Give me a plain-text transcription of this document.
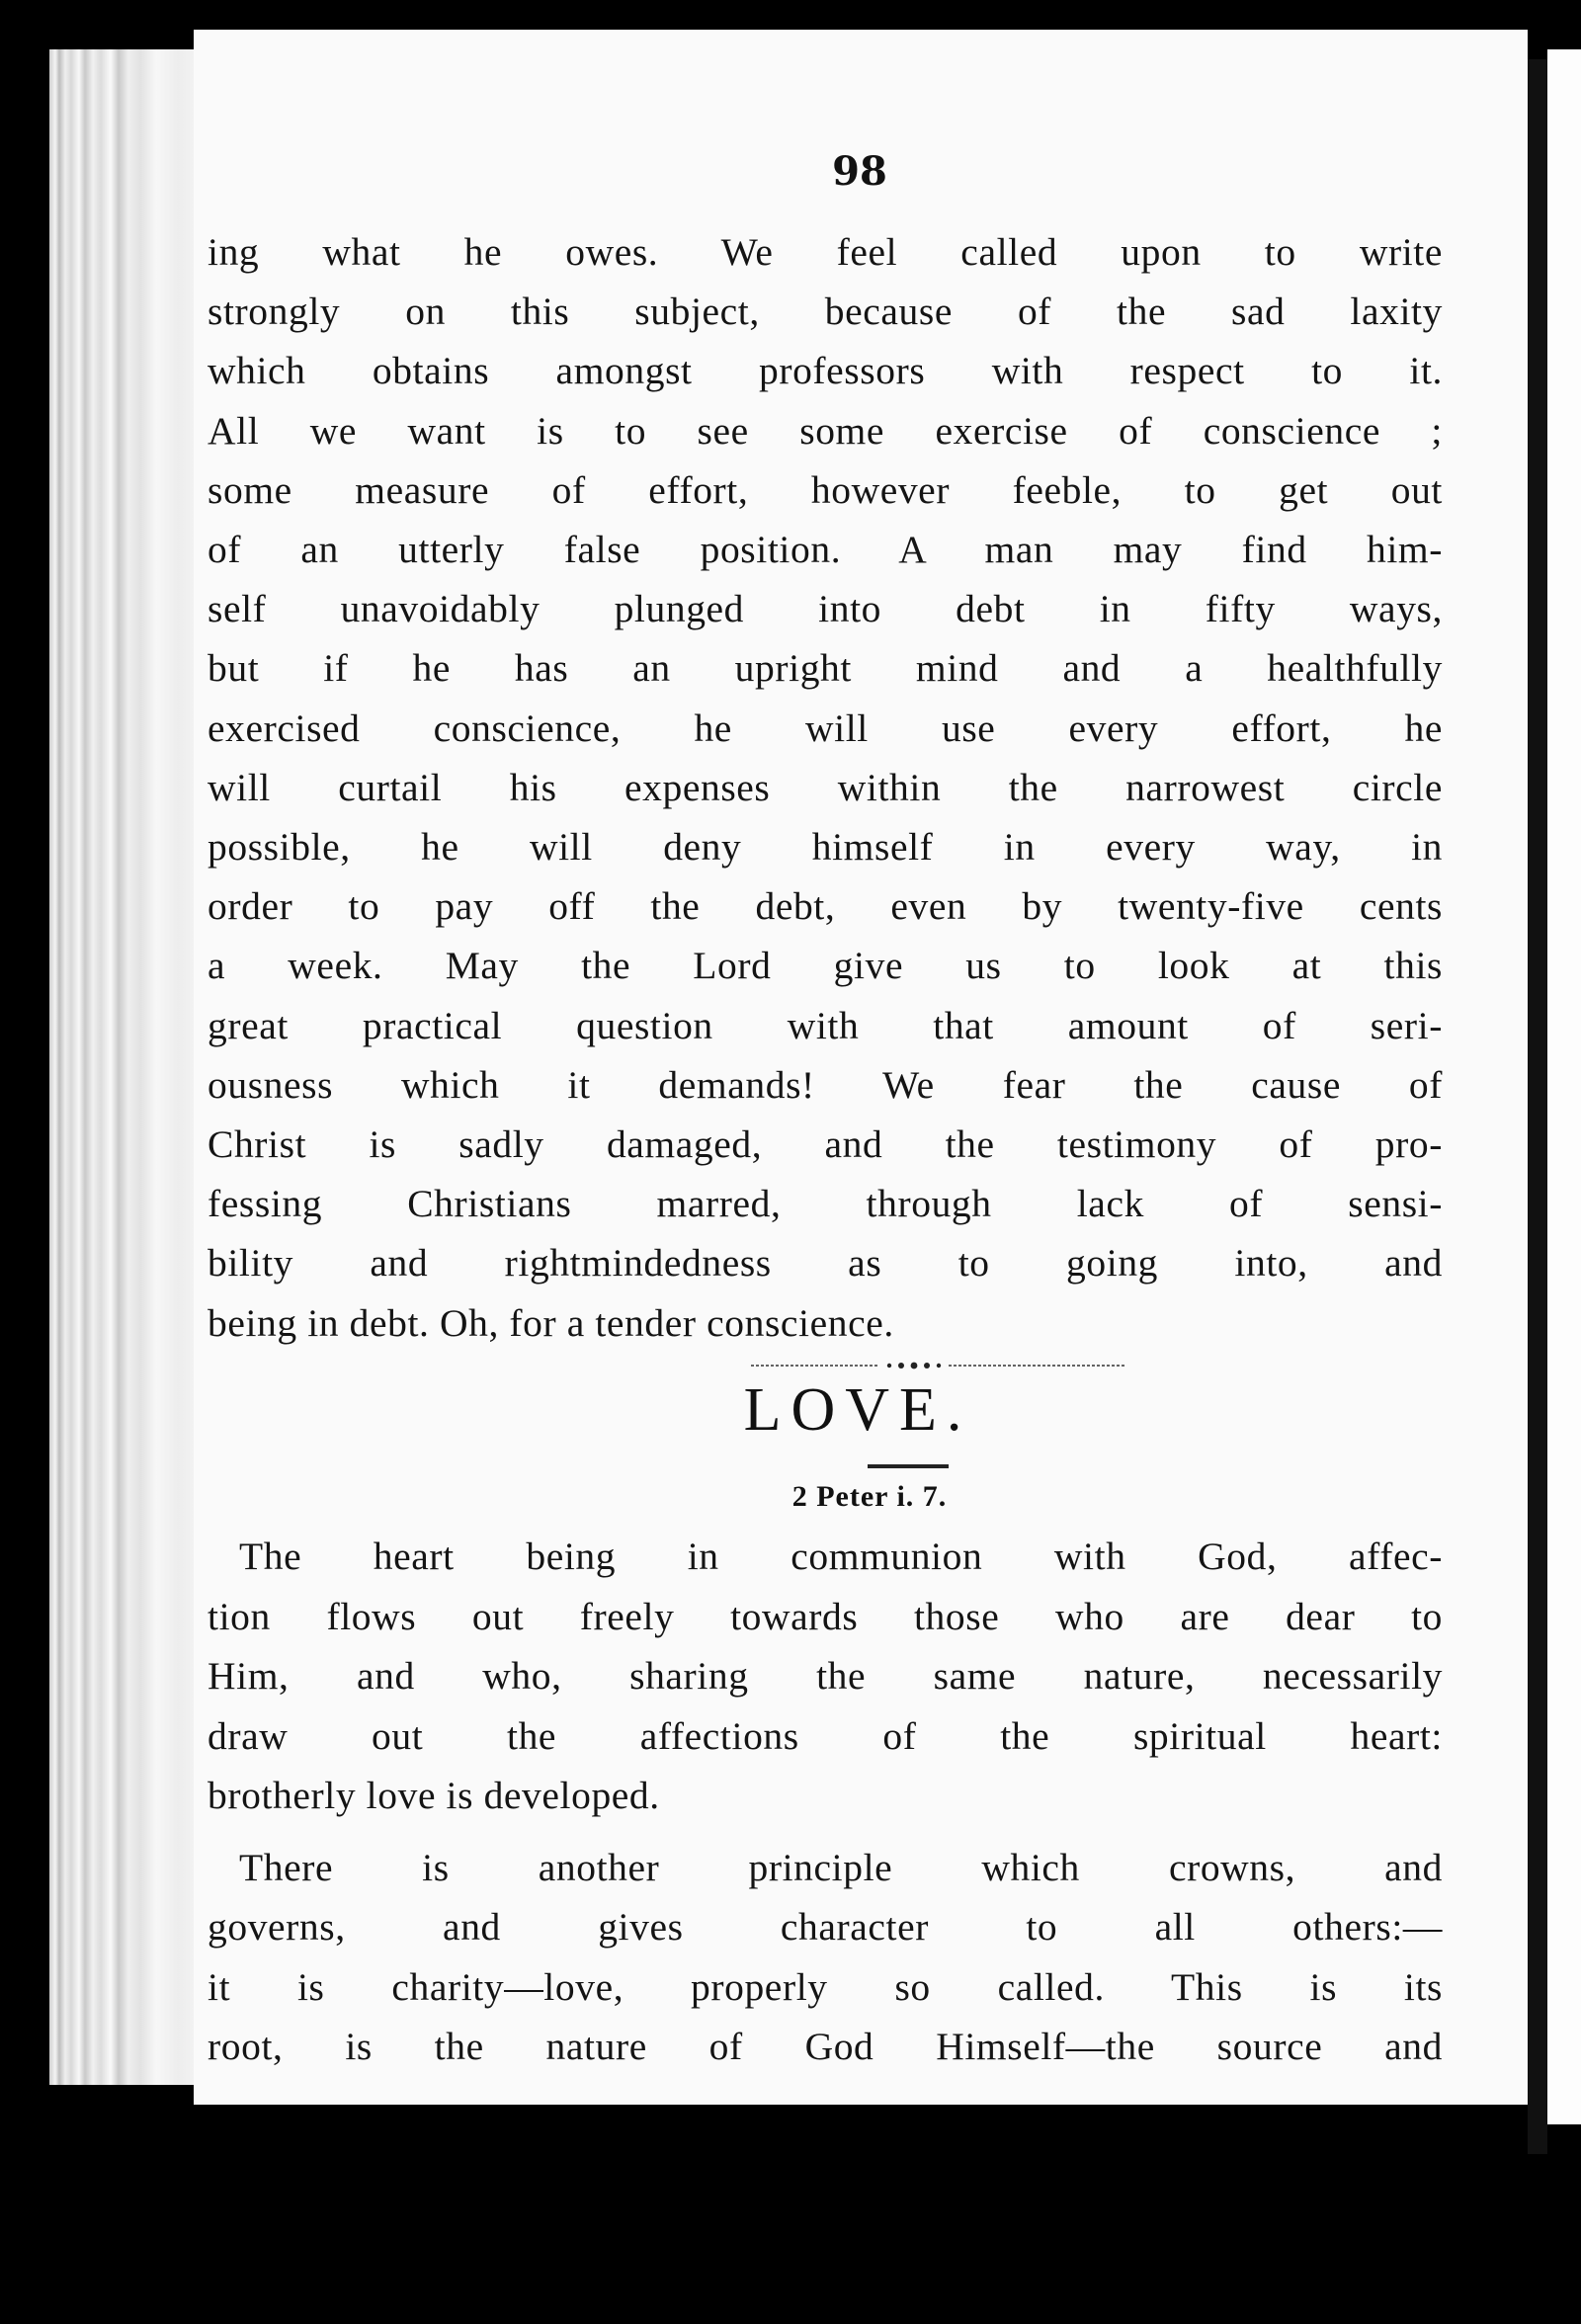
98
ing what he owes. We feel called upon to write
strongly on this subject, because of the sad laxity
which obtains amongst professors with respect to it.
All we want is to see some exercise of conscience ;
some measure of effort, however feeble, to get out
of an utterly false position. A man may find him-
self unavoidably plunged into debt in fifty ways,
but if he has an upright mind and a healthfully
exercised conscience, he will use every effort, he
will curtail his expenses within the narrowest circle
possible, he will deny himself in every way, in
order to pay off the debt, even by twenty-five cents
a week. May the Lord give us to look at this
great practical question with that amount of seri-
ousness which it demands! We fear the cause of
Christ is sadly damaged, and the testimony of pro-
fessing Christians marred, through lack of sensi-
bility and rightmindedness as to going into, and
being in debt. Oh, for a tender conscience.
LOVE.
2 Peter i. 7.
The heart being in communion with God, affec-
tion flows out freely towards those who are dear to
Him, and who, sharing the same nature, necessarily
draw out the affections of the spiritual heart:
brotherly love is developed.
There is another principle which crowns, and
governs, and gives character to all others:—
it is charity—love, properly so called. This is its
root, is the nature of God Himself—the source and
